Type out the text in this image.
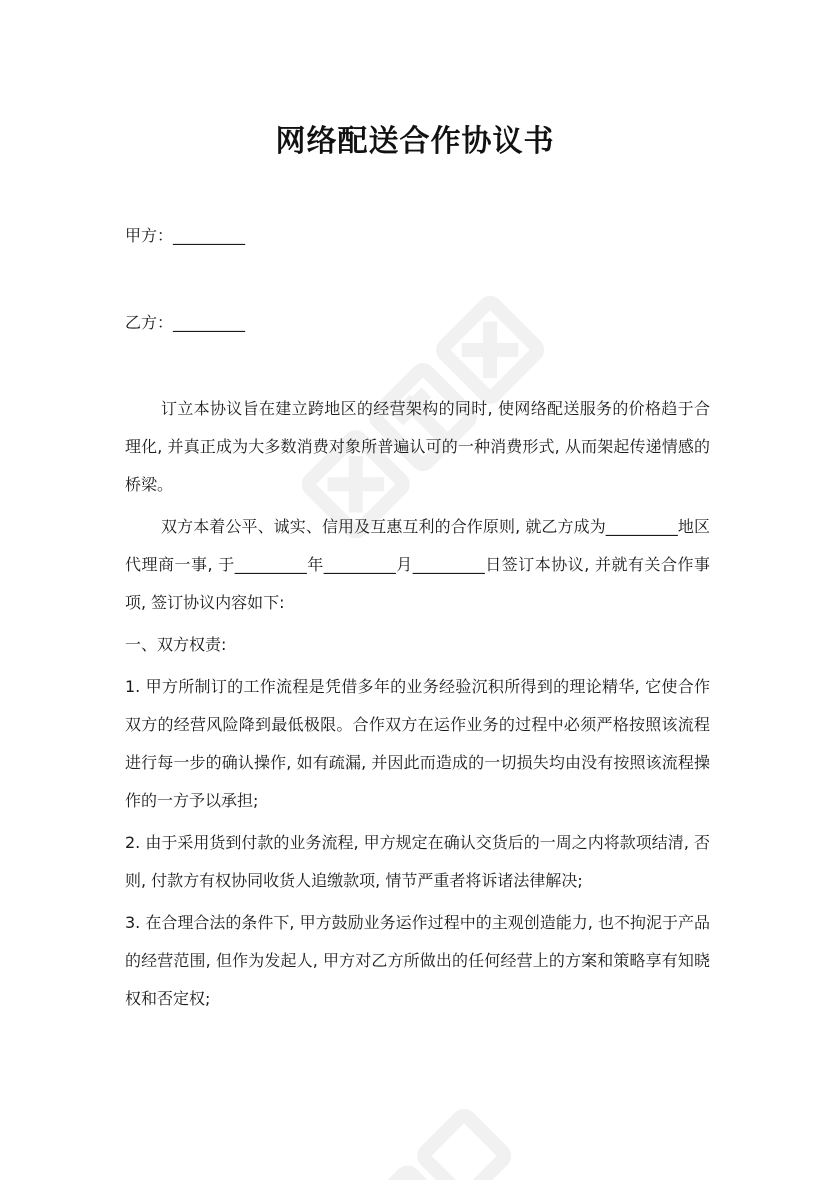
网络配送合作协议书
甲方：_________
乙方：_________

订立本协议旨在建立跨地区的经营架构的同时, 使网络配送服务的价格趋于合理化, 并真正成为大多数消费对象所普遍认可的一种消费形式, 从而架起传递情感的桥梁。

双方本着公平、诚实、信用及互惠互利的合作原则, 就乙方成为_________地区代理商一事, 于_________年_________月_________日签订本协议, 并就有关合作事项, 签订协议内容如下:

一、双方权责:

1. 甲方所制订的工作流程是凭借多年的业务经验沉积所得到的理论精华, 它使合作双方的经营风险降到最低极限。合作双方在运作业务的过程中必须严格按照该流程进行每一步的确认操作, 如有疏漏, 并因此而造成的一切损失均由没有按照该流程操作的一方予以承担;

2. 由于采用货到付款的业务流程, 甲方规定在确认交货后的一周之内将款项结清, 否则, 付款方有权协同收货人追缴款项, 情节严重者将诉诸法律解决;

3. 在合理合法的条件下, 甲方鼓励业务运作过程中的主观创造能力, 也不拘泥于产品的经营范围, 但作为发起人, 甲方对乙方所做出的任何经营上的方案和策略享有知晓权和否定权;
